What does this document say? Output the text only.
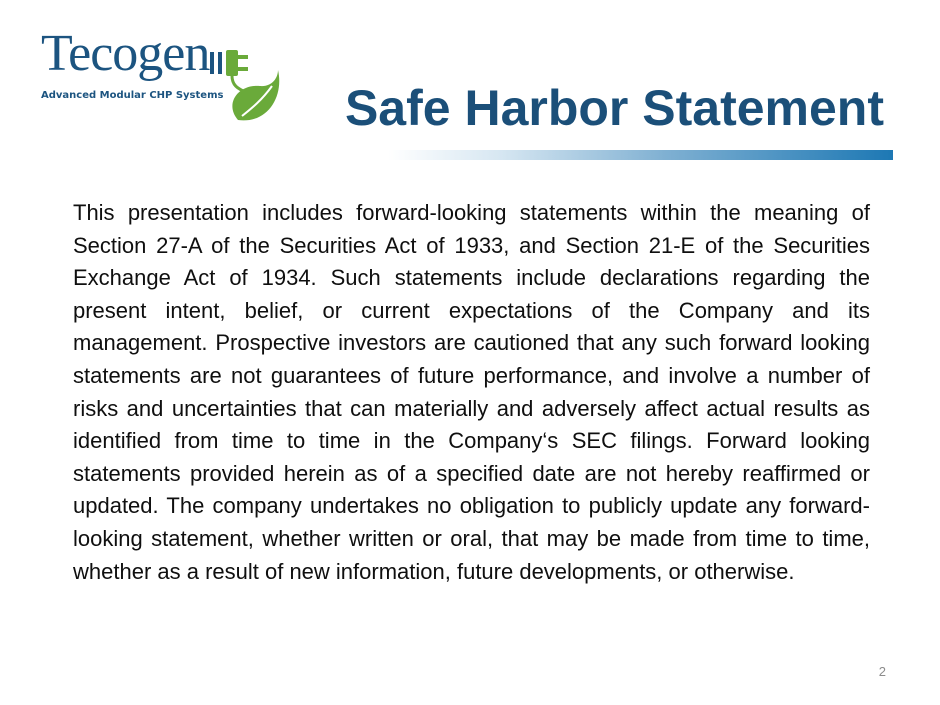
Tecogen
Advanced Modular CHP Systems Safe Harbor Statement

This presentation includes forward-looking statements within the meaning of Section 27-A of the Securities Act of 1933, and Section 21-E of the Securities Exchange Act of 1934. Such statements include declarations regarding the present intent, belief, or current expectations of the Company and its management. Prospective investors are cautioned that any such forward looking statements are not guarantees of future performance, and involve a number of risks and uncertainties that can materially and adversely affect actual results as identified from time to time in the Company‘s SEC filings. Forward looking statements provided herein as of a specified date are not hereby reaffirmed or updated. The company undertakes no obligation to publicly update any forward-looking statement, whether written or oral, that may be made from time to time, whether as a result of new information, future developments, or otherwise.

2
